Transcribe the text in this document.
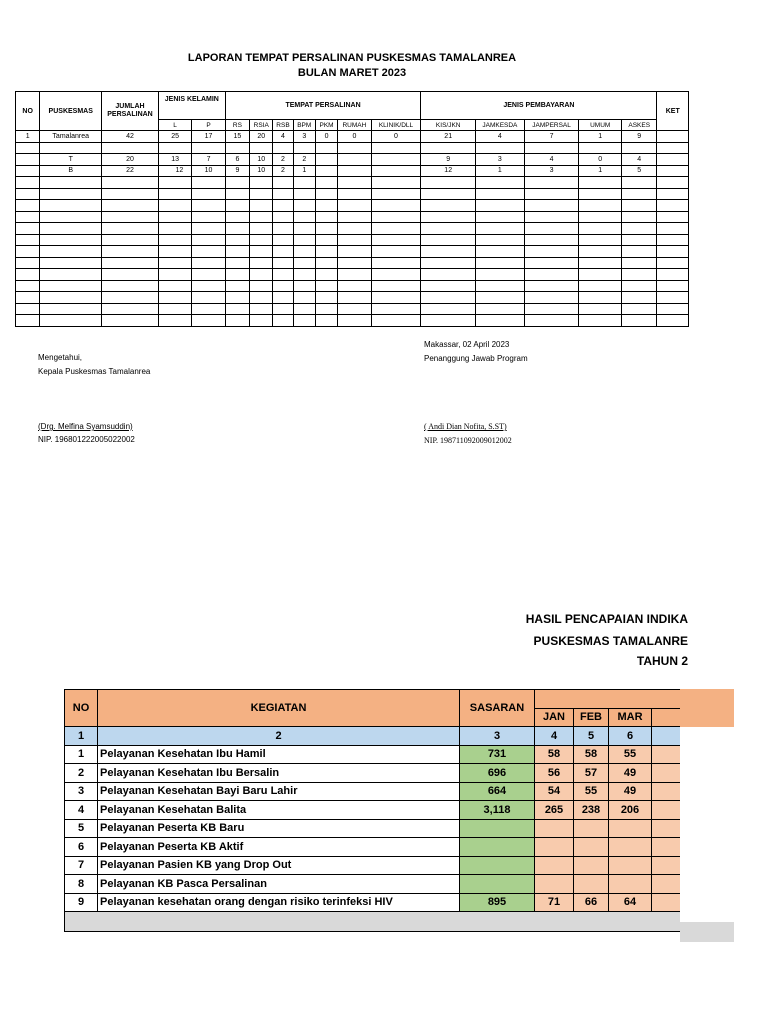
LAPORAN TEMPAT PERSALINAN PUSKESMAS TAMALANREA
BULAN MARET 2023
NO	PUSKESMAS	JUMLAH PERSALINAN	JENIS KELAMIN		TEMPAT PERSALINAN							JENIS PEMBAYARAN					KET
			L	P	RS	RSIA	RSB	BPM	PKM	RUMAH	KLINIK/DLL	KIS/JKN	JAMKESDA	JAMPERSAL	UMUM	ASKES	
1	Tamalanrea	42	25	17	15	20	4	3	0	0	0	21	4	7	1	9	

	T	20	13	7	6	10	2	2				9	3	4	0	4	
	B	22	12	10	9	10	2	1				12	1	3	1	5	

Makassar, 02 April 2023
Penanggung Jawab Program
Mengetahui,
Kepala Puskesmas Tamalanrea
(Drg. Melfina Syamsuddin)
NIP. 196801222005022002
( Andi Dian Nofita, S.ST)
NIP. 198711092009012002
HASIL PENCAPAIAN INDIKA
PUSKESMAS TAMALANRE
TAHUN 2
NO	KEGIATAN	SASARAN				
			JAN	FEB	MAR	
1	2	3	4	5	6	
1	Pelayanan Kesehatan Ibu Hamil	731	58	58	55	
2	Pelayanan Kesehatan Ibu Bersalin	696	56	57	49	
3	Pelayanan Kesehatan Bayi Baru Lahir	664	54	55	49	
4	Pelayanan Kesehatan Balita	3,118	265	238	206	
5	Pelayanan Peserta KB Baru					
6	Pelayanan Peserta KB Aktif					
7	Pelayanan Pasien KB yang Drop Out					
8	Pelayanan KB Pasca Persalinan					
9	Pelayanan kesehatan orang dengan risiko terinfeksi HIV	895	71	66	64	
